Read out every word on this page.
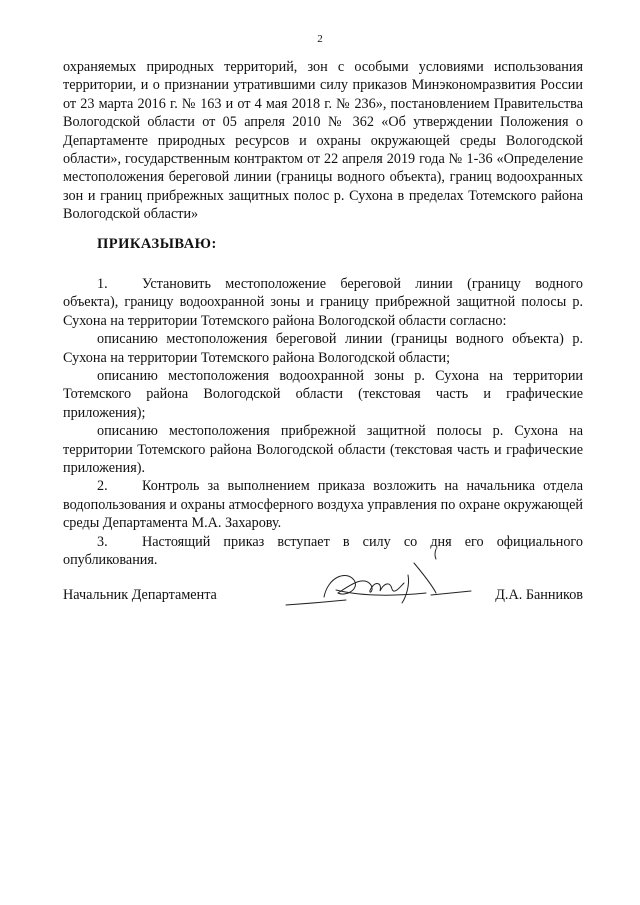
2
охраняемых природных территорий, зон с особыми условиями использования территории, и о признании утратившими силу приказов Минэкономразвития России от 23 марта 2016 г. № 163 и от 4 мая 2018 г. № 236», постановлением Правительства Вологодской области от 05 апреля 2010 № 362 «Об утверждении Положения о Департаменте природных ресурсов и охраны окружающей среды Вологодской области», государственным контрактом от 22 апреля 2019 года № 1-36 «Определение местоположения береговой линии (границы водного объекта), границ водоохранных зон и границ прибрежных защитных полос р. Сухона в пределах Тотемского района Вологодской области»
ПРИКАЗЫВАЮ:

1. Установить местоположение береговой линии (границу водного объекта), границу водоохранной зоны и границу прибрежной защитной полосы р. Сухона на территории Тотемского района Вологодской области согласно:

описанию местоположения береговой линии (границы водного объекта) р. Сухона на территории Тотемского района Вологодской области;

описанию местоположения водоохранной зоны р. Сухона на территории Тотемского района Вологодской области (текстовая часть и графические приложения);

описанию местоположения прибрежной защитной полосы р. Сухона на территории Тотемского района Вологодской области (текстовая часть и графические приложения).

2. Контроль за выполнением приказа возложить на начальника отдела водопользования и охраны атмосферного воздуха управления по охране окружающей среды Департамента М.А. Захарову.

3. Настоящий приказ вступает в силу со дня его официального опубликования.

Начальник Департамента	Д.А. Банников
